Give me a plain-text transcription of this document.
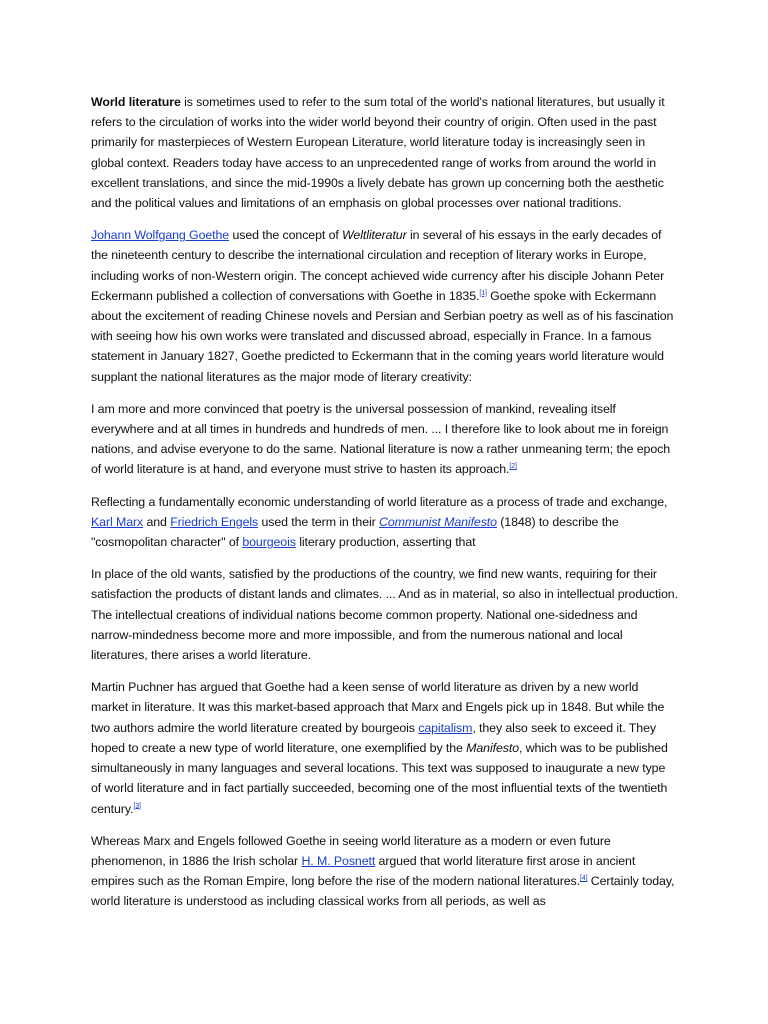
World literature is sometimes used to refer to the sum total of the world's national literatures, but usually it refers to the circulation of works into the wider world beyond their country of origin. Often used in the past primarily for masterpieces of Western European Literature, world literature today is increasingly seen in global context. Readers today have access to an unprecedented range of works from around the world in excellent translations, and since the mid-1990s a lively debate has grown up concerning both the aesthetic and the political values and limitations of an emphasis on global processes over national traditions.

Johann Wolfgang Goethe used the concept of Weltliteratur in several of his essays in the early decades of the nineteenth century to describe the international circulation and reception of literary works in Europe, including works of non-Western origin. The concept achieved wide currency after his disciple Johann Peter Eckermann published a collection of conversations with Goethe in 1835.[1] Goethe spoke with Eckermann about the excitement of reading Chinese novels and Persian and Serbian poetry as well as of his fascination with seeing how his own works were translated and discussed abroad, especially in France. In a famous statement in January 1827, Goethe predicted to Eckermann that in the coming years world literature would supplant the national literatures as the major mode of literary creativity:

I am more and more convinced that poetry is the universal possession of mankind, revealing itself everywhere and at all times in hundreds and hundreds of men. ... I therefore like to look about me in foreign nations, and advise everyone to do the same. National literature is now a rather unmeaning term; the epoch of world literature is at hand, and everyone must strive to hasten its approach.[2]

Reflecting a fundamentally economic understanding of world literature as a process of trade and exchange, Karl Marx and Friedrich Engels used the term in their Communist Manifesto (1848) to describe the "cosmopolitan character" of bourgeois literary production, asserting that

In place of the old wants, satisfied by the productions of the country, we find new wants, requiring for their satisfaction the products of distant lands and climates. ... And as in material, so also in intellectual production. The intellectual creations of individual nations become common property. National one-sidedness and narrow-mindedness become more and more impossible, and from the numerous national and local literatures, there arises a world literature.

Martin Puchner has argued that Goethe had a keen sense of world literature as driven by a new world market in literature. It was this market-based approach that Marx and Engels pick up in 1848. But while the two authors admire the world literature created by bourgeois capitalism, they also seek to exceed it. They hoped to create a new type of world literature, one exemplified by the Manifesto, which was to be published simultaneously in many languages and several locations. This text was supposed to inaugurate a new type of world literature and in fact partially succeeded, becoming one of the most influential texts of the twentieth century.[3]

Whereas Marx and Engels followed Goethe in seeing world literature as a modern or even future phenomenon, in 1886 the Irish scholar H. M. Posnett argued that world literature first arose in ancient empires such as the Roman Empire, long before the rise of the modern national literatures.[4] Certainly today, world literature is understood as including classical works from all periods, as well as
